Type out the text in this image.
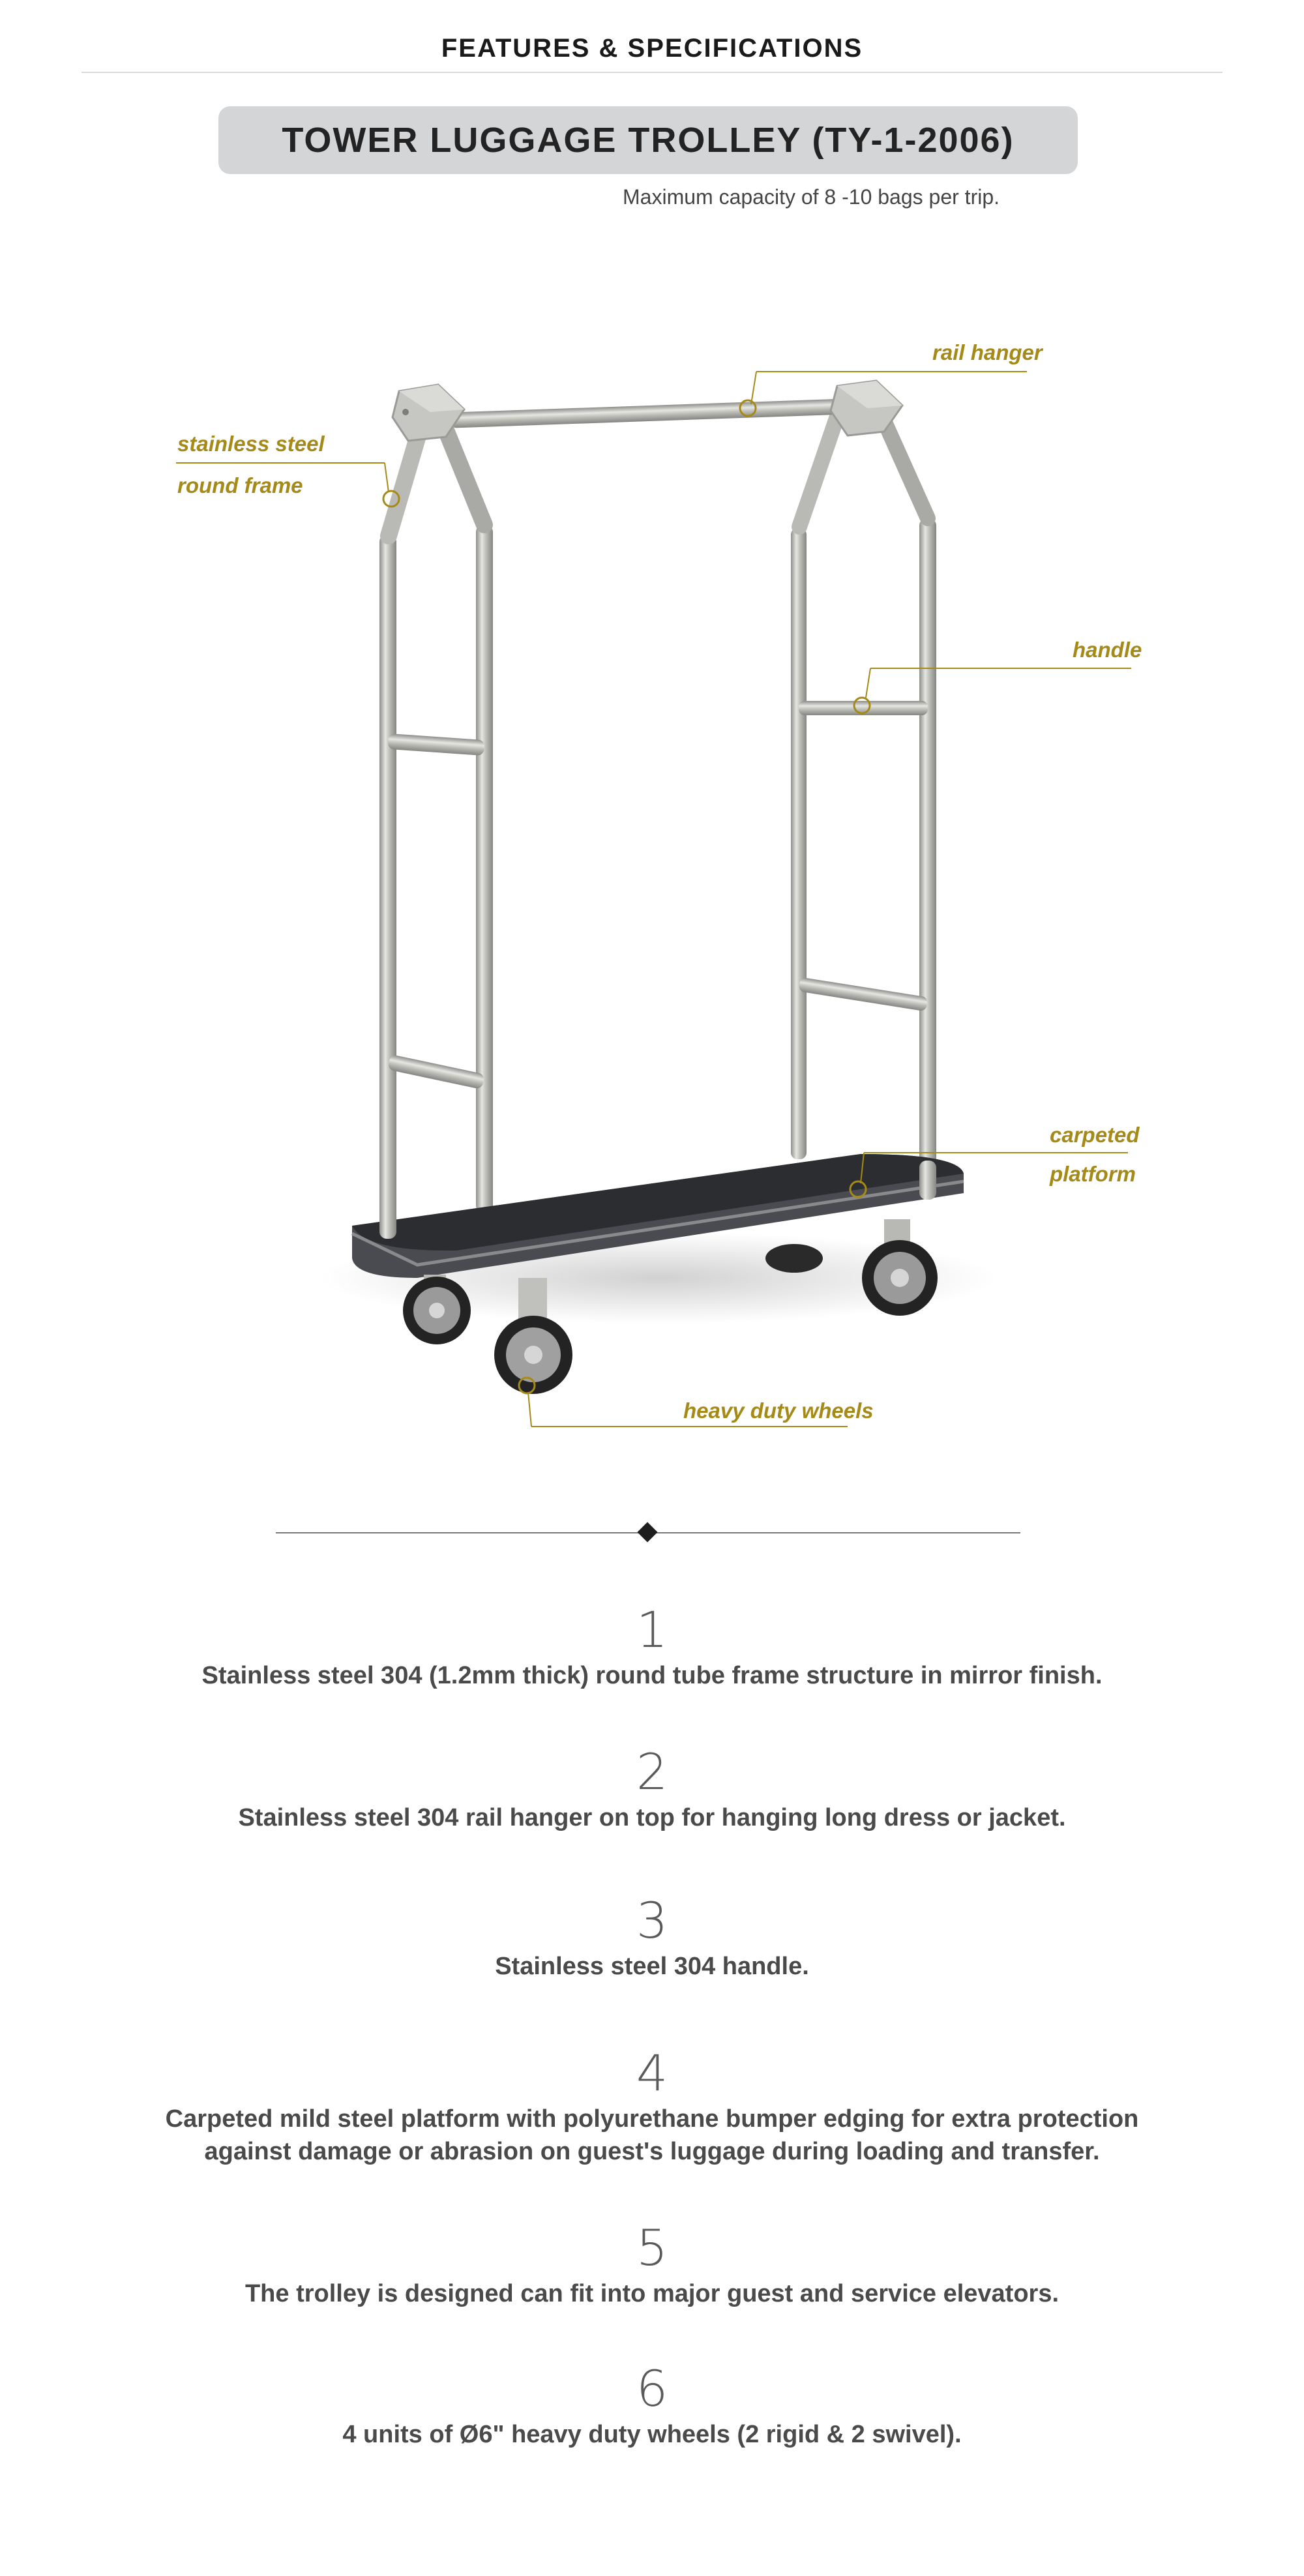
FEATURES & SPECIFICATIONS
TOWER LUGGAGE TROLLEY (TY-1-2006)
Maximum capacity of 8 -10 bags per trip.
stainless steel
round frame
rail hanger
handle
carpeted
platform
heavy duty wheels
1
Stainless steel 304 (1.2mm thick) round tube frame structure in mirror finish.
2
Stainless steel 304 rail hanger on top for hanging long dress or jacket.
3
Stainless steel 304 handle.
4
Carpeted mild steel platform with polyurethane bumper edging for extra protection
against damage or abrasion on guest's luggage during loading and transfer.
5
The trolley is designed can fit into major guest and service elevators.
6
4 units of Ø6" heavy duty wheels (2 rigid & 2 swivel).
